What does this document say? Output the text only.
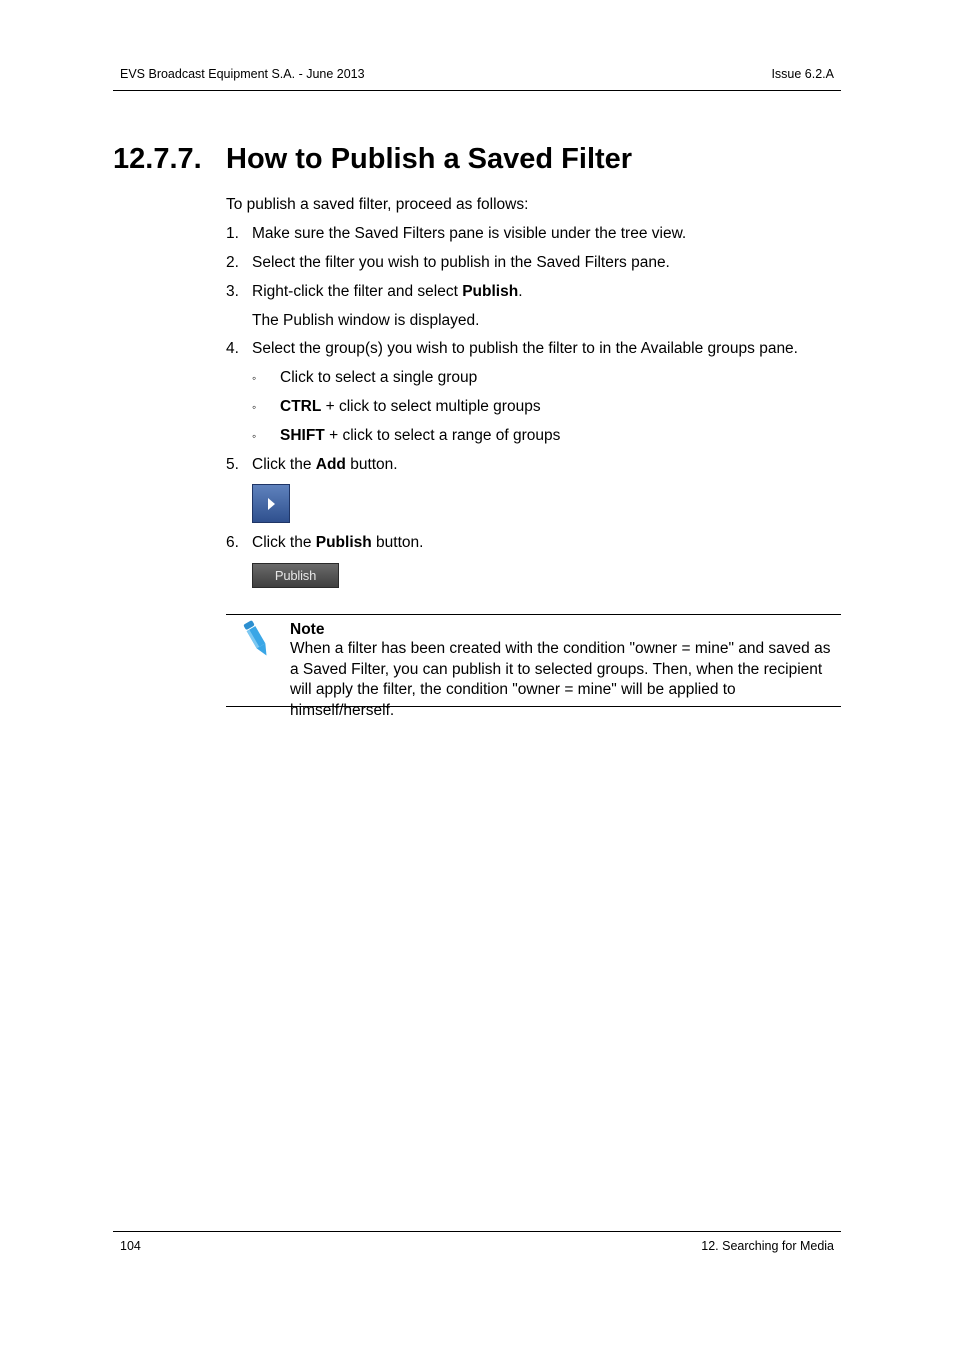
EVS Broadcast Equipment S.A. - June 2013	Issue 6.2.A
12.7.7. How to Publish a Saved Filter
To publish a saved filter, proceed as follows:
1. Make sure the Saved Filters pane is visible under the tree view.
2. Select the filter you wish to publish in the Saved Filters pane.
3. Right-click the filter and select Publish.
The Publish window is displayed.
4. Select the group(s) you wish to publish the filter to in the Available groups pane.
◦ Click to select a single group
◦ CTRL + click to select multiple groups
◦ SHIFT + click to select a range of groups
5. Click the Add button.
6. Click the Publish button.
Publish
Note
When a filter has been created with the condition "owner = mine" and saved as a Saved Filter, you can publish it to selected groups. Then, when the recipient will apply the filter, the condition "owner = mine" will be applied to himself/herself.
104	12. Searching for Media
